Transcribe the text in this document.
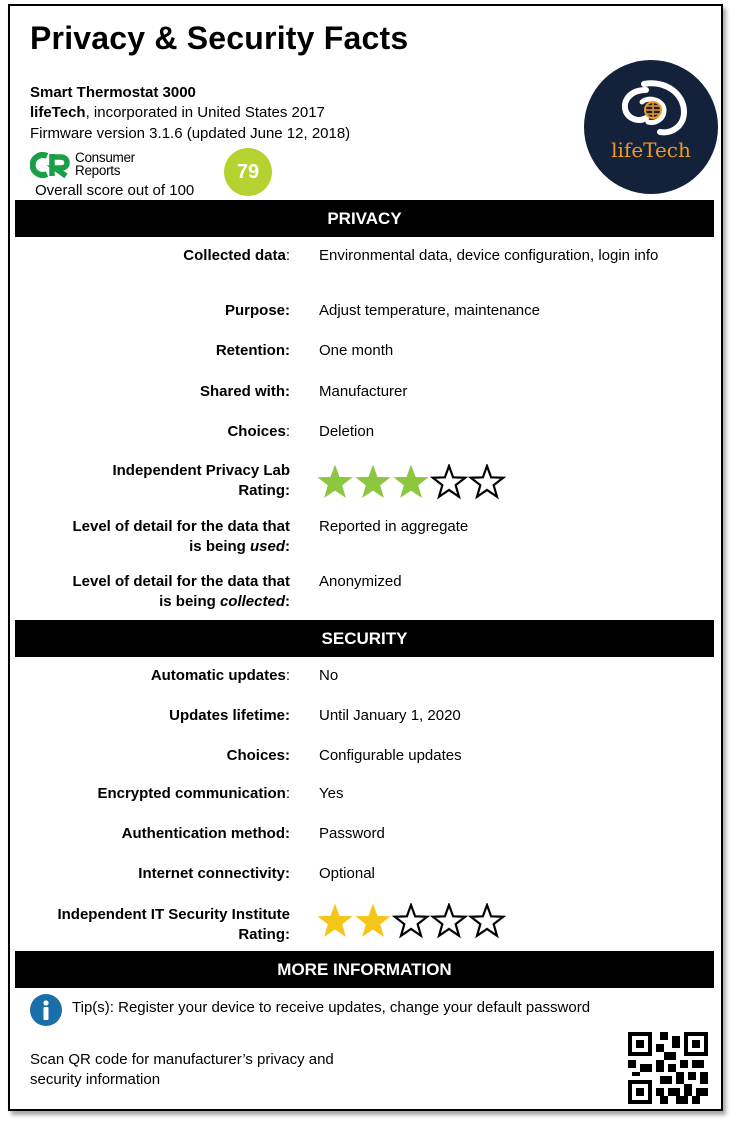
Privacy & Security Facts
Smart Thermostat 3000
lifeTech, incorporated in United States 2017
Firmware version 3.1.6 (updated June 12, 2018)
Consumer
Reports
Overall score out of 100
79
lifeTech
PRIVACY
Collected data: Environmental data, device configuration, login info
Purpose: Adjust temperature, maintenance
Retention: One month
Shared with: Manufacturer
Choices: Deletion
Independent Privacy Lab
Rating:
Level of detail for the data that
is being used:
Reported in aggregate
Level of detail for the data that
is being collected:
Anonymized
SECURITY
Automatic updates: No
Updates lifetime: Until January 1, 2020
Choices: Configurable updates
Encrypted communication: Yes
Authentication method: Password
Internet connectivity: Optional
Independent IT Security Institute
Rating:
MORE INFORMATION
Tip(s): Register your device to receive updates, change your default password
Scan QR code for manufacturer’s privacy and security information
